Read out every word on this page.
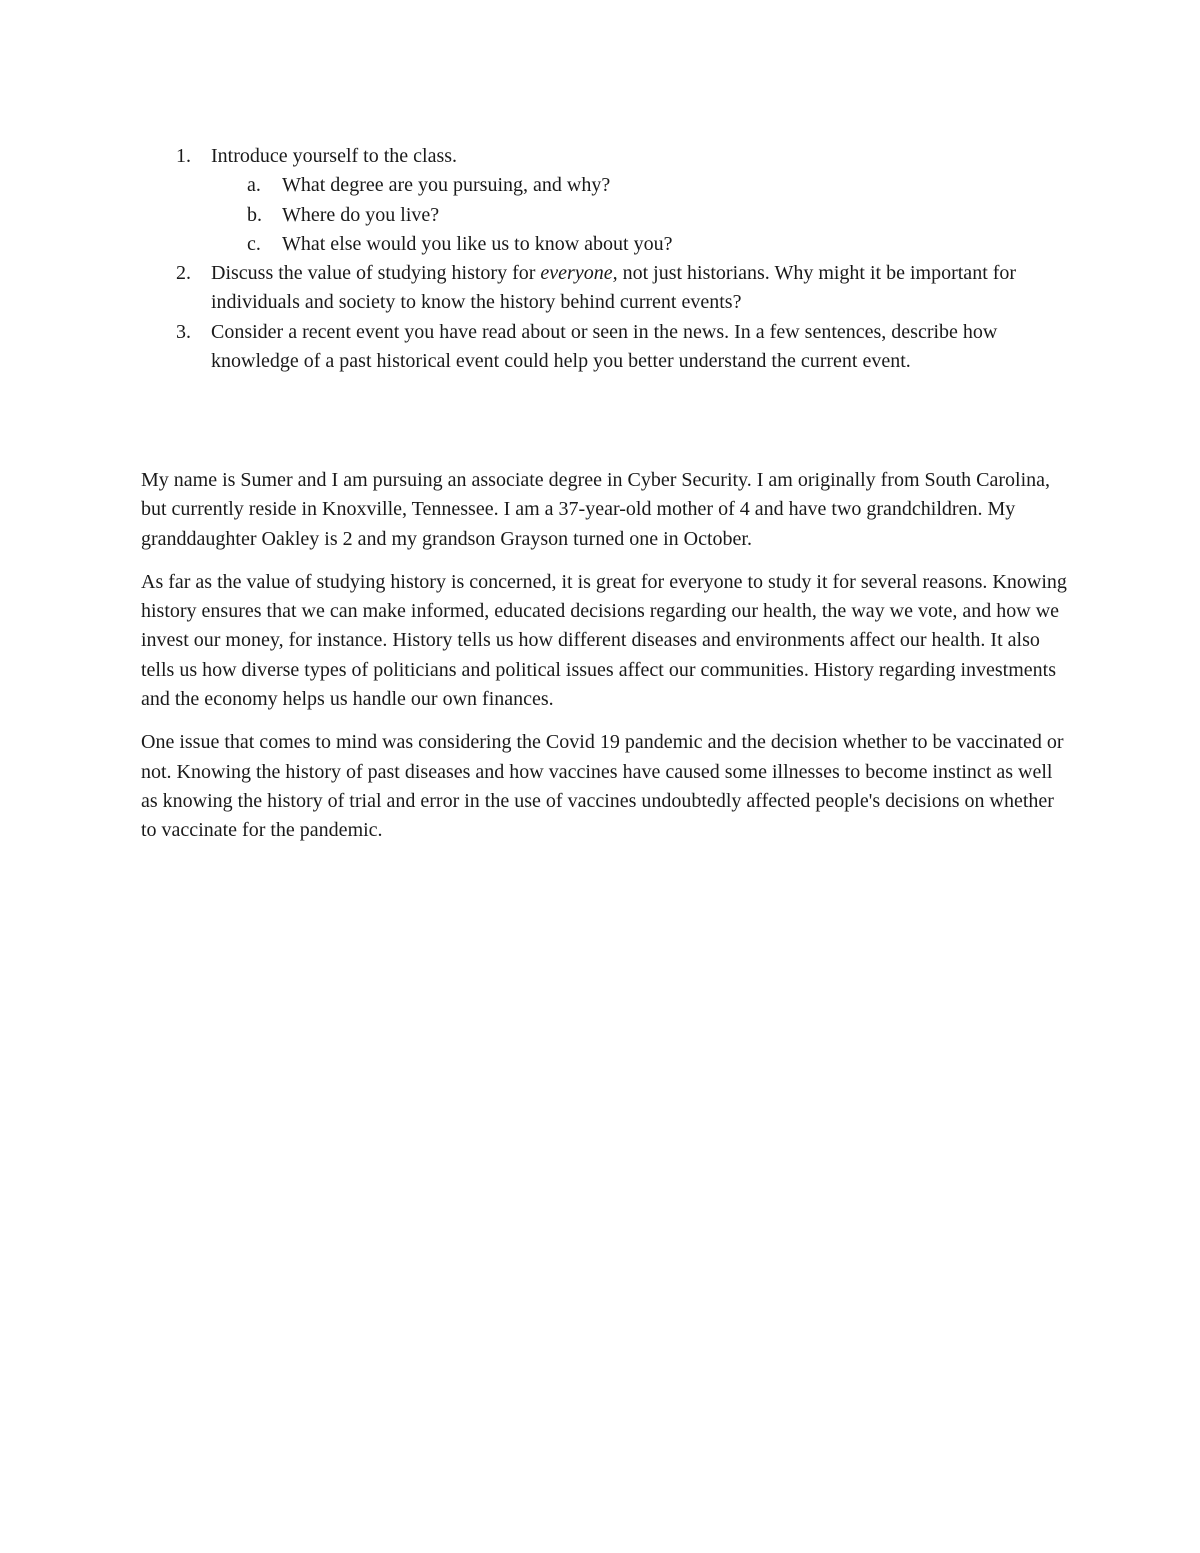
1. Introduce yourself to the class.
a. What degree are you pursuing, and why?
b. Where do you live?
c. What else would you like us to know about you?
2. Discuss the value of studying history for everyone, not just historians. Why might it be important for individuals and society to know the history behind current events?
3. Consider a recent event you have read about or seen in the news. In a few sentences, describe how knowledge of a past historical event could help you better understand the current event.

My name is Sumer and I am pursuing an associate degree in Cyber Security. I am originally from South Carolina, but currently reside in Knoxville, Tennessee. I am a 37-year-old mother of 4 and have two grandchildren. My granddaughter Oakley is 2 and my grandson Grayson turned one in October.

As far as the value of studying history is concerned, it is great for everyone to study it for several reasons. Knowing history ensures that we can make informed, educated decisions regarding our health, the way we vote, and how we invest our money, for instance. History tells us how different diseases and environments affect our health. It also tells us how diverse types of politicians and political issues affect our communities. History regarding investments and the economy helps us handle our own finances.

One issue that comes to mind was considering the Covid 19 pandemic and the decision whether to be vaccinated or not. Knowing the history of past diseases and how vaccines have caused some illnesses to become instinct as well as knowing the history of trial and error in the use of vaccines undoubtedly affected people's decisions on whether to vaccinate for the pandemic.
